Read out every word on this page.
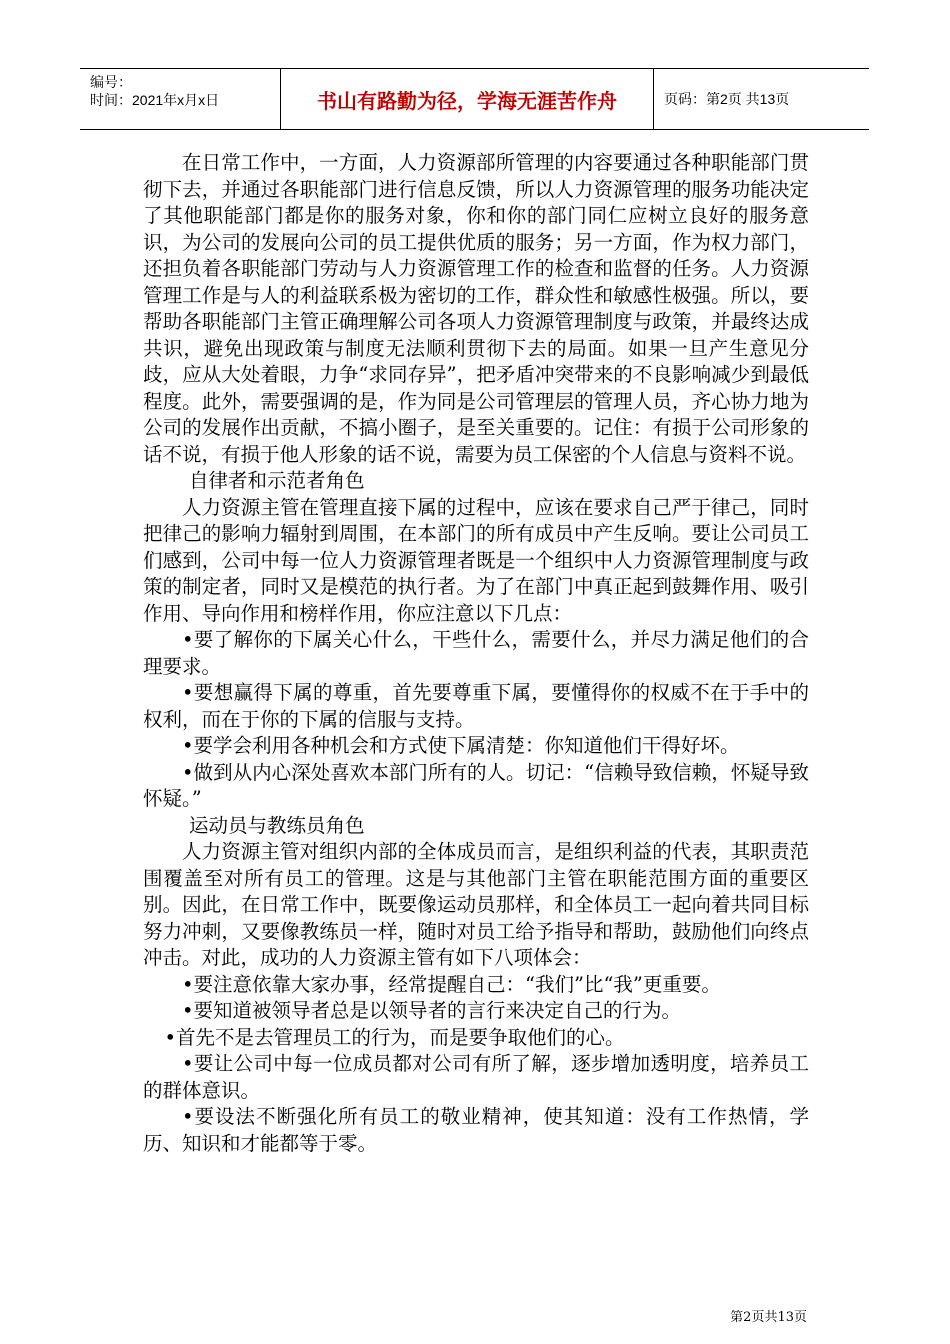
编号：
时间：2021年x月x日	书山有路勤为径，学海无涯苦作舟	页码：第2页 共13页

在日常工作中，一方面，人力资源部所管理的内容要通过各种职能部门贯彻下去，并通过各职能部门进行信息反馈，所以人力资源管理的服务功能决定了其他职能部门都是你的服务对象，你和你的部门同仁应树立良好的服务意识，为公司的发展向公司的员工提供优质的服务；另一方面，作为权力部门，还担负着各职能部门劳动与人力资源管理工作的检查和监督的任务。人力资源管理工作是与人的利益联系极为密切的工作，群众性和敏感性极强。所以，要帮助各职能部门主管正确理解公司各项人力资源管理制度与政策，并最终达成共识，避免出现政策与制度无法顺利贯彻下去的局面。如果一旦产生意见分歧，应从大处着眼，力争“求同存异”，把矛盾冲突带来的不良影响减少到最低程度。此外，需要强调的是，作为同是公司管理层的管理人员，齐心协力地为公司的发展作出贡献，不搞小圈子，是至关重要的。记住：有损于公司形象的话不说，有损于他人形象的话不说，需要为员工保密的个人信息与资料不说。

自律者和示范者角色

人力资源主管在管理直接下属的过程中，应该在要求自己严于律己，同时把律己的影响力辐射到周围，在本部门的所有成员中产生反响。要让公司员工们感到，公司中每一位人力资源管理者既是一个组织中人力资源管理制度与政策的制定者，同时又是模范的执行者。为了在部门中真正起到鼓舞作用、吸引作用、导向作用和榜样作用，你应注意以下几点：

•要了解你的下属关心什么，干些什么，需要什么，并尽力满足他们的合理要求。

•要想赢得下属的尊重，首先要尊重下属，要懂得你的权威不在于手中的权利，而在于你的下属的信服与支持。

•要学会利用各种机会和方式使下属清楚：你知道他们干得好坏。

•做到从内心深处喜欢本部门所有的人。切记：“信赖导致信赖，怀疑导致怀疑。”

运动员与教练员角色

人力资源主管对组织内部的全体成员而言，是组织利益的代表，其职责范围覆盖至对所有员工的管理。这是与其他部门主管在职能范围方面的重要区别。因此，在日常工作中，既要像运动员那样，和全体员工一起向着共同目标努力冲刺，又要像教练员一样，随时对员工给予指导和帮助，鼓励他们向终点冲击。对此，成功的人力资源主管有如下八项体会：

•要注意依靠大家办事，经常提醒自己：“我们”比“我”更重要。

•要知道被领导者总是以领导者的言行来决定自己的行为。

•首先不是去管理员工的行为，而是要争取他们的心。

•要让公司中每一位成员都对公司有所了解，逐步增加透明度，培养员工的群体意识。

•要设法不断强化所有员工的敬业精神，使其知道：没有工作热情，学历、知识和才能都等于零。

第2页共13页
